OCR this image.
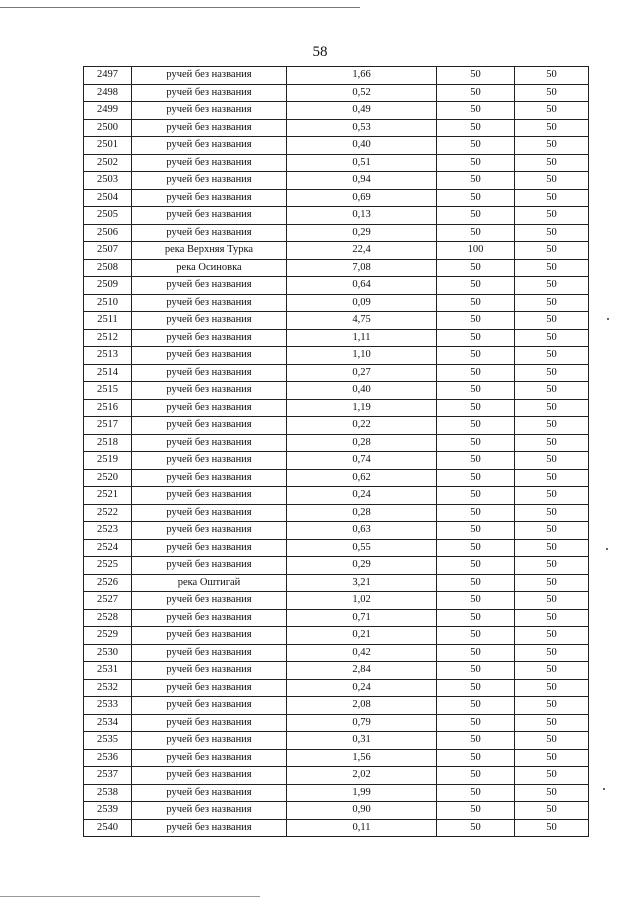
58
2497	ручей без названия	1,66	50	50
2498	ручей без названия	0,52	50	50
2499	ручей без названия	0,49	50	50
2500	ручей без названия	0,53	50	50
2501	ручей без названия	0,40	50	50
2502	ручей без названия	0,51	50	50
2503	ручей без названия	0,94	50	50
2504	ручей без названия	0,69	50	50
2505	ручей без названия	0,13	50	50
2506	ручей без названия	0,29	50	50
2507	река Верхняя Турка	22,4	100	50
2508	река Осиновка	7,08	50	50
2509	ручей без названия	0,64	50	50
2510	ручей без названия	0,09	50	50
2511	ручей без названия	4,75	50	50
2512	ручей без названия	1,11	50	50
2513	ручей без названия	1,10	50	50
2514	ручей без названия	0,27	50	50
2515	ручей без названия	0,40	50	50
2516	ручей без названия	1,19	50	50
2517	ручей без названия	0,22	50	50
2518	ручей без названия	0,28	50	50
2519	ручей без названия	0,74	50	50
2520	ручей без названия	0,62	50	50
2521	ручей без названия	0,24	50	50
2522	ручей без названия	0,28	50	50
2523	ручей без названия	0,63	50	50
2524	ручей без названия	0,55	50	50
2525	ручей без названия	0,29	50	50
2526	река Оштигай	3,21	50	50
2527	ручей без названия	1,02	50	50
2528	ручей без названия	0,71	50	50
2529	ручей без названия	0,21	50	50
2530	ручей без названия	0,42	50	50
2531	ручей без названия	2,84	50	50
2532	ручей без названия	0,24	50	50
2533	ручей без названия	2,08	50	50
2534	ручей без названия	0,79	50	50
2535	ручей без названия	0,31	50	50
2536	ручей без названия	1,56	50	50
2537	ручей без названия	2,02	50	50
2538	ручей без названия	1,99	50	50
2539	ручей без названия	0,90	50	50
2540	ручей без названия	0,11	50	50
